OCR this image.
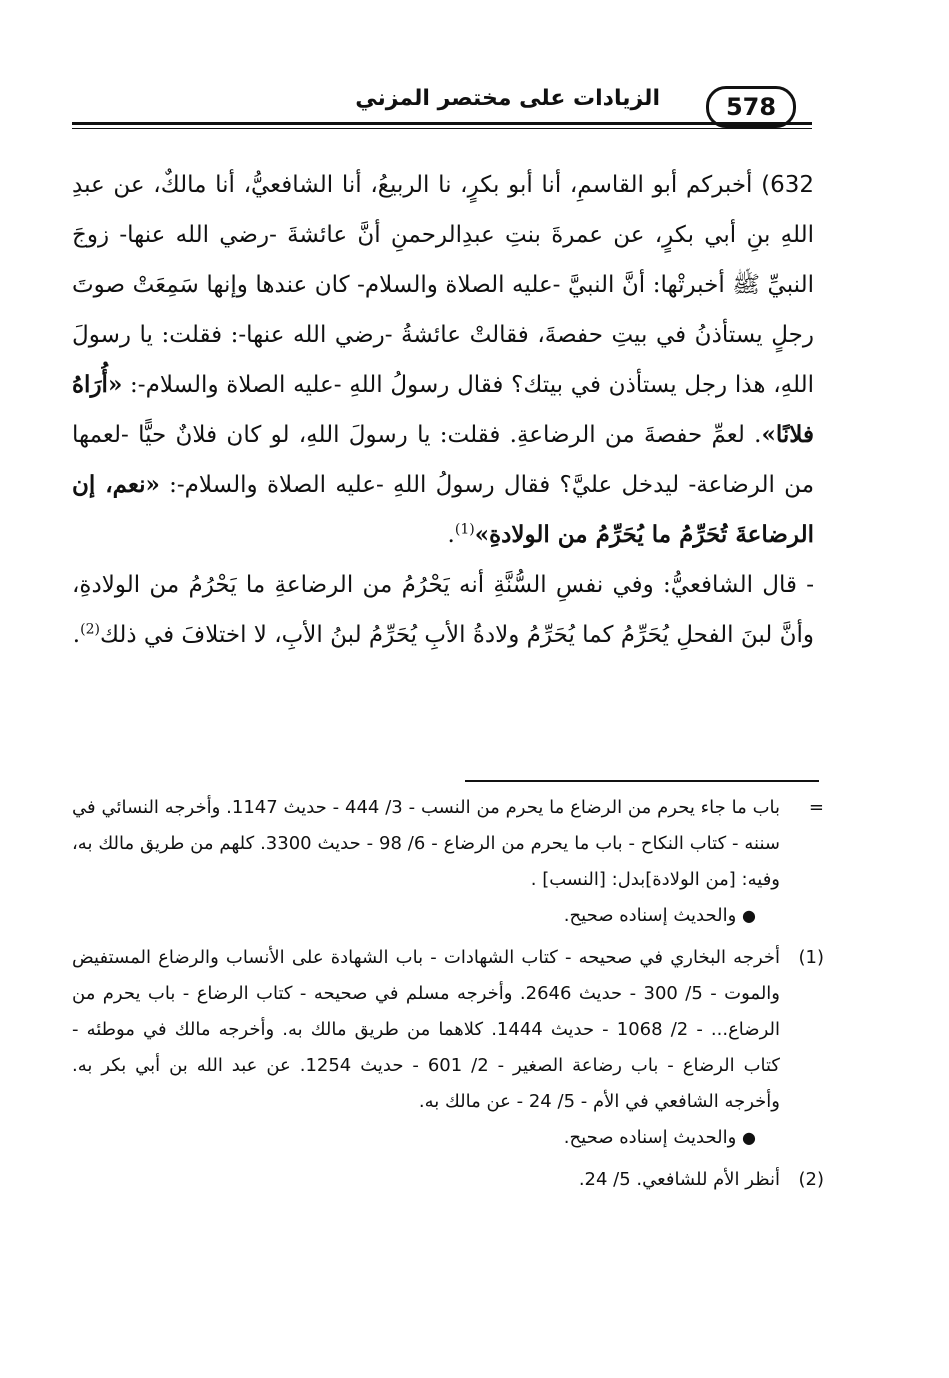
578
الزيادات على مختصر المزني

632) أخبركم أبو القاسمِ، أنا أبو بكرٍ، نا الربيعُ، أنا الشافعيُّ، أنا مالكٌ، عن عبدِ اللهِ بنِ أبي بكرٍ، عن عمرةَ بنتِ عبدِالرحمنِ أنَّ عائشةَ -رضي الله عنها- زوجَ النبيِّ ﷺ أخبرتْها: أنَّ النبيَّ -عليه الصلاة والسلام- كان عندها وإنها سَمِعَتْ صوتَ رجلٍ يستأذنُ في بيتِ حفصةَ، فقالتْ عائشةُ -رضي الله عنها-: فقلت: يا رسولَ اللهِ، هذا رجل يستأذن في بيتك؟ فقال رسولُ اللهِ -عليه الصلاة والسلام-: «أُرَاهُ فلانًا». لعمِّ حفصةَ من الرضاعةِ. فقلت: يا رسولَ اللهِ، لو كان فلانٌ حيًّا -لعمها من الرضاعة- ليدخل عليَّ؟ فقال رسولُ اللهِ -عليه الصلاة والسلام-: «نعم، إن الرضاعةَ تُحَرِّمُ ما يُحَرِّمُ من الولادةِ»$^{(1)}$.

- قال الشافعيُّ: وفي نفسِ السُّنَّةِ أنه يَحْرُمُ من الرضاعةِ ما يَحْرُمُ من الولادةِ، وأنَّ لبنَ الفحلِ يُحَرِّمُ كما يُحَرِّمُ ولادةُ الأبِ يُحَرِّمُ لبنُ الأبِ، لا اختلافَ في ذلك$^{(2)}$.

=

باب ما جاء يحرم من الرضاع ما يحرم من النسب - 3/ 444 - حديث 1147. وأخرجه النسائي في سننه - كتاب النكاح - باب ما يحرم من الرضاع - 6/ 98 - حديث 3300. كلهم من طريق مالك به، وفيه: [من الولادة]بدل: [النسب] .

● والحديث إسناده صحيح.

(1)

أخرجه البخاري في صحيحه - كتاب الشهادات - باب الشهادة على الأنساب والرضاع المستفيض والموت - 5/ 300 - حديث 2646. وأخرجه مسلم في صحيحه - كتاب الرضاع - باب يحرم من الرضاع... - 2/ 1068 - حديث 1444. كلاهما من طريق مالك به. وأخرجه مالك في موطئه - كتاب الرضاع - باب رضاعة الصغير - 2/ 601 - حديث 1254. عن عبد الله بن أبي بكر به. وأخرجه الشافعي في الأم - 5/ 24 - عن مالك به.

● والحديث إسناده صحيح.

(2)

أنظر الأم للشافعي. 5/ 24.
